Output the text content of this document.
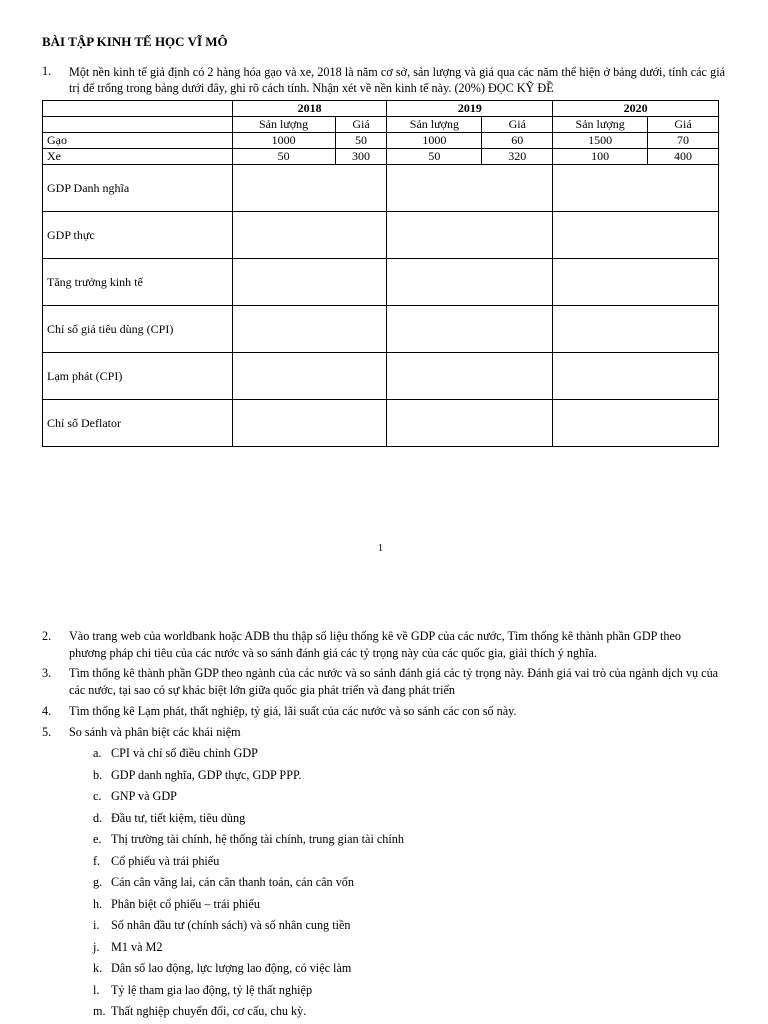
BÀI TẬP KINH TẾ HỌC VĨ MÔ
1. Một nền kinh tế giả định có 2 hàng hóa gạo và xe, 2018 là năm cơ sở, sản lượng và giá qua các năm thể hiện ở bảng dưới, tính các giá trị để trống trong bảng dưới đây, ghi rõ cách tính. Nhận xét về nền kinh tế này. (20%) ĐỌC KỸ ĐỀ
	2018		2019		2020	
	Sản lượng	Giá	Sản lượng	Giá	Sản lượng	Giá
Gạo	1000	50	1000	60	1500	70
Xe	50	300	50	320	100	400
GDP Danh nghĩa						
GDP thực						
Tăng trưởng kinh tế						
Chỉ số giá tiêu dùng (CPI)						
Lạm phát (CPI)						
Chỉ số Deflator						
1
2. Vào trang web của worldbank hoặc ADB thu thập số liệu thống kê về GDP của các nước, Tìm thống kê thành phần GDP theo phương pháp chi tiêu của các nước và so sánh đánh giá các tỷ trọng này của các quốc gia, giải thích ý nghĩa.
3. Tìm thống kê thành phần GDP theo ngành của các nước và so sánh đánh giá các tỷ trọng này. Đánh giá vai trò của ngành dịch vụ của các nước, tại sao có sự khác biệt lớn giữa quốc gia phát triển và đang phát triển
4. Tìm thống kê Lạm phát, thất nghiệp, tỷ giá, lãi suất của các nước và so sánh các con số này.
5. So sánh và phân biệt các khái niệm
a. CPI và chỉ số điều chỉnh GDP
b. GDP danh nghĩa, GDP thực, GDP PPP.
c. GNP và GDP
d. Đầu tư, tiết kiệm, tiêu dùng
e. Thị trường tài chính, hệ thống tài chính, trung gian tài chính
f. Cổ phiếu và trái phiếu
g. Cán cân vãng lai, cán cân thanh toán, cán cân vốn
h. Phân biệt cổ phiếu – trái phiếu
i. Số nhân đầu tư (chính sách) và số nhân cung tiền
j. M1 và M2
k. Dân số lao động, lực lượng lao động, có việc làm
l. Tỷ lệ tham gia lao động, tỷ lệ thất nghiệp
m. Thất nghiệp chuyển đổi, cơ cấu, chu kỳ.
